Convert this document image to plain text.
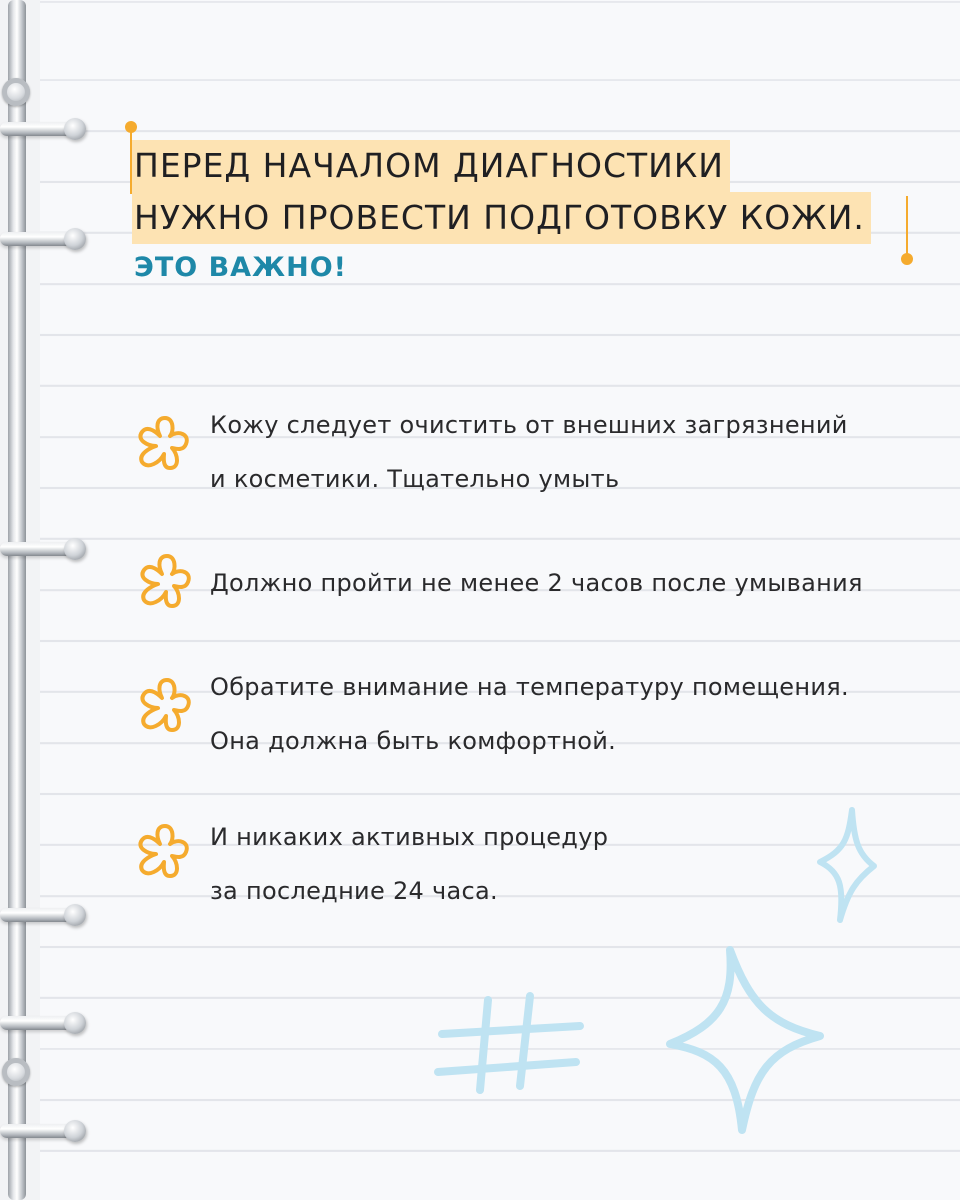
ПЕРЕД НАЧАЛОМ ДИАГНОСТИКИ
НУЖНО ПРОВЕСТИ ПОДГОТОВКУ КОЖИ.
ЭТО ВАЖНО!
Кожу следует очистить от внешних загрязнений
и косметики. Тщательно умыть
Должно пройти не менее 2 часов после умывания
Обратите внимание на температуру помещения.
Она должна быть комфортной.
И никаких активных процедур
за последние 24 часа.
